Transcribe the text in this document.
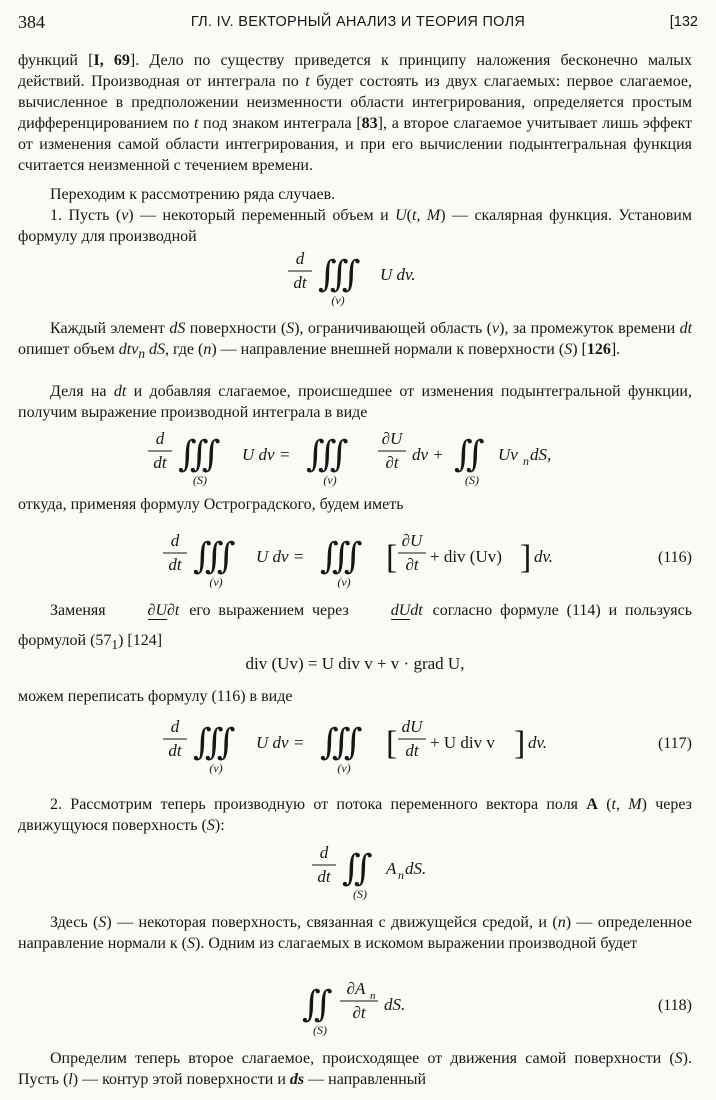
384	ГЛ. IV. ВЕКТОРНЫЙ АНАЛИЗ И ТЕОРИЯ ПОЛЯ	[132

функций [I, 69]. Дело по существу приведется к принципу наложения бесконечно малых действий. Производная от интеграла по t будет состоять из двух слагаемых: первое слагаемое, вычисленное в предположении неизменности области интегрирования, определяется простым дифференцированием по t под знаком интеграла [83], а второе слагаемое учитывает лишь эффект от изменения самой области интегрирования, и при его вычислении подынтегральная функция считается неизменной с течением времени.

Переходим к рассмотрению ряда случаев.

1. Пусть (v) — некоторый переменный объем и U(t, M) — скалярная функция. Установим формулу для производной

d
dt ∭
(v)
U dv.

Каждый элемент dS поверхности (S), ограничивающей область (v), за промежуток времени dt опишет объем dtv$_n$ dS, где (n) — направление внешней нормали к поверхности (S) [126].

Деля на dt и добавляя слагаемое, происшедшее от изменения подынтегральной функции, получим выражение производной интеграла в виде

d
dt ∭
(S)
U dv = ∭
(v)
∂U
∂t dv + ∬
(S)
Uv n dS,

откуда, применяя формулу Остроградского, будем иметь

d
dt ∭
(v)
U dv = ∭
(v)
[ ∂U
∂t + div (Uv) ] dv.	(116)

Заменяя ∂U∂t его выражением через dUdt согласно формуле (114) и пользуясь формулой $(57_1)$ [124]

div (Uv) = U div v + v · grad U,

можем переписать формулу (116) в виде

d
dt ∭
(v)
U dv = ∭
(v)
[ dU
dt + U div v ] dv.	(117)

2. Рассмотрим теперь производную от потока переменного вектора поля A (t, M) через движущуюся поверхность (S):

d
dt ∬
(S)
A n dS.

Здесь (S) — некоторая поверхность, связанная с движущейся средой, и (n) — определенное направление нормали к (S). Одним из слагаемых в искомом выражении производной будет

∬
(S)
∂A n
∂t dS.	(118)

Определим теперь второе слагаемое, происходящее от движения самой поверхности (S). Пусть (l) — контур этой поверхности и ds — направленный
